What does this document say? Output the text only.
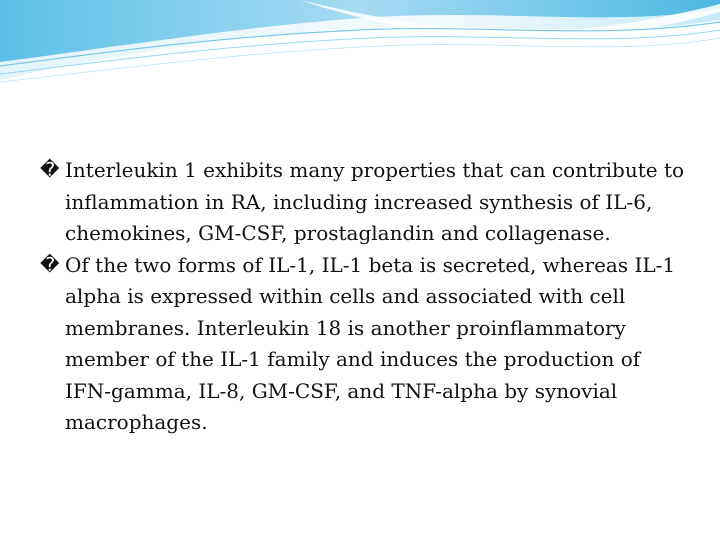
� Interleukin 1 exhibits many properties that can contribute to inflammation in RA, including increased synthesis of IL-6, chemokines, GM-CSF, prostaglandin and collagenase.

� Of the two forms of IL-1, IL-1 beta is secreted, whereas IL-1 alpha is expressed within cells and associated with cell membranes. Interleukin 18 is another proinflammatory member of the IL-1 family and induces the production of IFN-gamma, IL-8, GM-CSF, and TNF-alpha by synovial macrophages.
